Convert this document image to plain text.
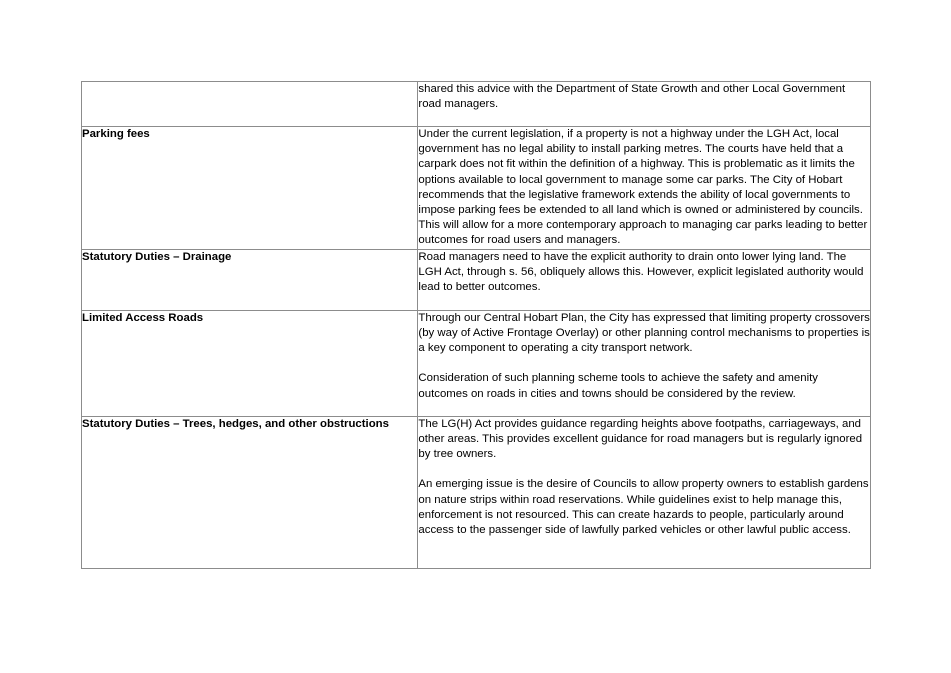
	shared this advice with the Department of State Growth and other Local Government road managers.

Parking fees	Under the current legislation, if a property is not a highway under the LGH Act, local government has no legal ability to install parking metres. The courts have held that a carpark does not fit within the definition of a highway. This is problematic as it limits the options available to local government to manage some car parks. The City of Hobart recommends that the legislative framework extends the ability of local governments to impose parking fees be extended to all land which is owned or administered by councils. This will allow for a more contemporary approach to managing car parks leading to better outcomes for road users and managers.

Statutory Duties – Drainage	Road managers need to have the explicit authority to drain onto lower lying land. The LGH Act, through s. 56, obliquely allows this. However, explicit legislated authority would lead to better outcomes.

Limited Access Roads	Through our Central Hobart Plan, the City has expressed that limiting property crossovers (by way of Active Frontage Overlay) or other planning control mechanisms to properties is a key component to operating a city transport network.
Consideration of such planning scheme tools to achieve the safety and amenity outcomes on roads in cities and towns should be considered by the review.

Statutory Duties – Trees, hedges, and other obstructions	The LG(H) Act provides guidance regarding heights above footpaths, carriageways, and other areas. This provides excellent guidance for road managers but is regularly ignored by tree owners.
An emerging issue is the desire of Councils to allow property owners to establish gardens on nature strips within road reservations. While guidelines exist to help manage this, enforcement is not resourced. This can create hazards to people, particularly around access to the passenger side of lawfully parked vehicles or other lawful public access.
